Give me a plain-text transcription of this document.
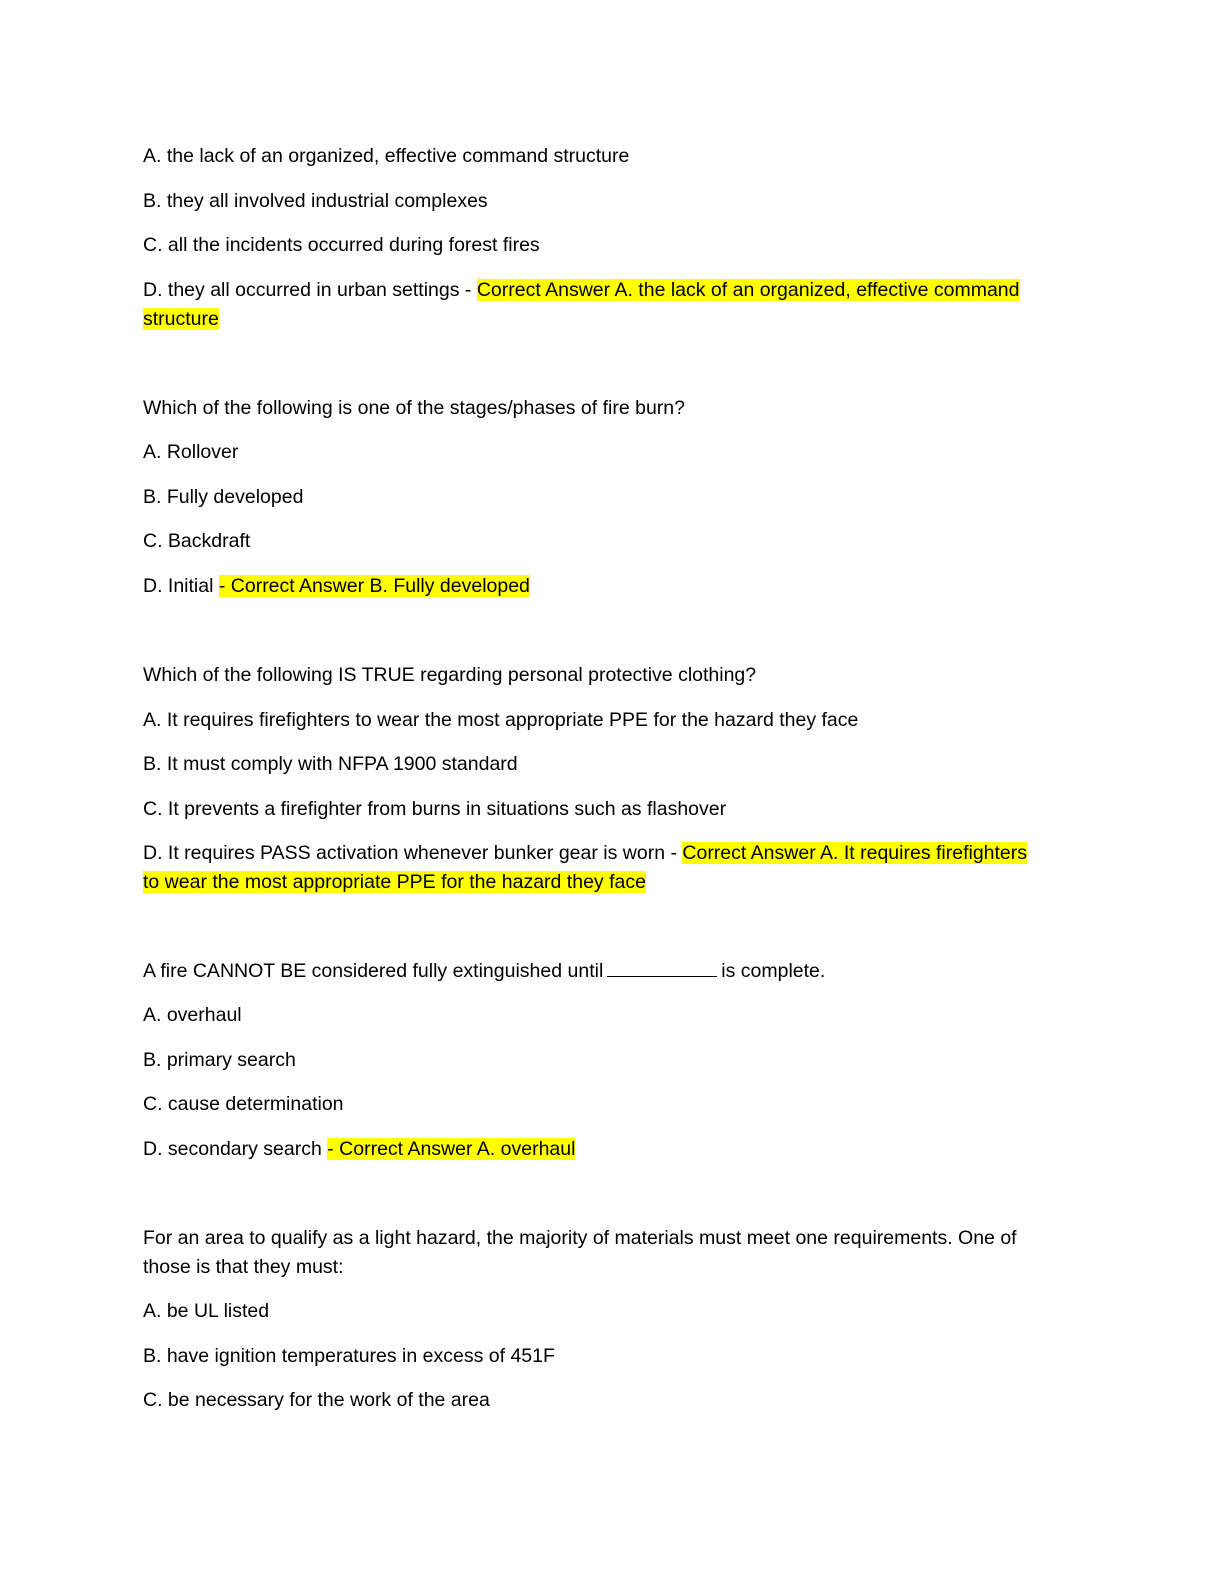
A. the lack of an organized, effective command structure
B. they all involved industrial complexes
C. all the incidents occurred during forest fires
D. they all occurred in urban settings - Correct Answer A. the lack of an organized, effective command
structure
Which of the following is one of the stages/phases of fire burn?
A. Rollover
B. Fully developed
C. Backdraft
D. Initial - Correct Answer B. Fully developed
Which of the following IS TRUE regarding personal protective clothing?
A. It requires firefighters to wear the most appropriate PPE for the hazard they face
B. It must comply with NFPA 1900 standard
C. It prevents a firefighter from burns in situations such as flashover
D. It requires PASS activation whenever bunker gear is worn - Correct Answer A. It requires firefighters
to wear the most appropriate PPE for the hazard they face
A fire CANNOT BE considered fully extinguished until	is complete.
A. overhaul
B. primary search
C. cause determination
D. secondary search - Correct Answer A. overhaul
For an area to qualify as a light hazard, the majority of materials must meet one requirements. One of
those is that they must:
A. be UL listed
B. have ignition temperatures in excess of 451F
C. be necessary for the work of the area
